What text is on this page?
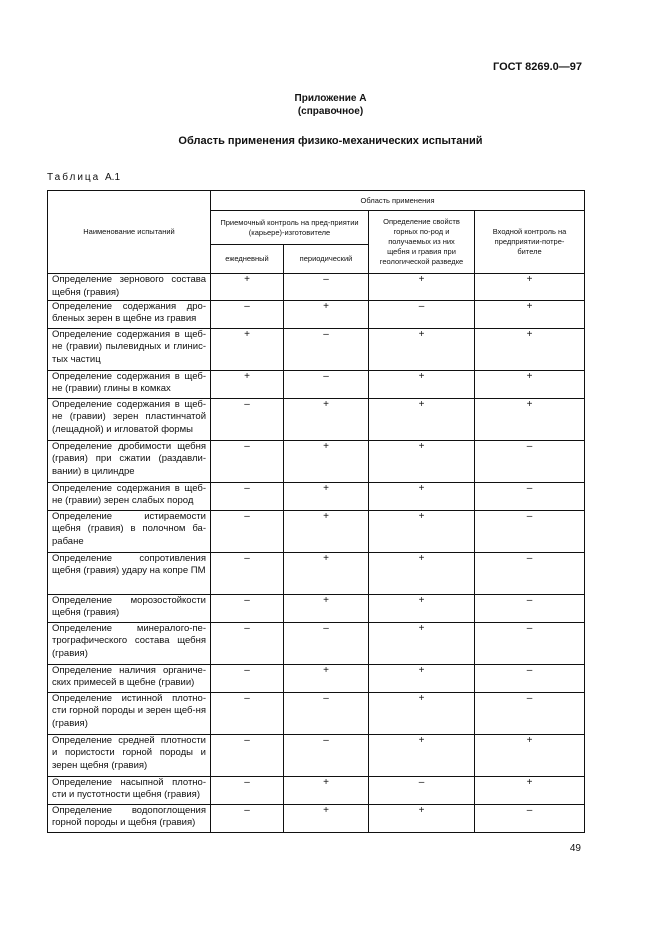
ГОСТ 8269.0—97
Приложение А
(справочное)
Область применения физико-механических испытаний
Таблица А.1
Наименование испытаний	Область применения			
	Приемочный контроль на пред-приятии (карьере)-изготовителе		Определение свойств горных по-род и получаемых из них щебня и гравия при геологической разведке	Входной контроль на предприятии-потре-бителе
	ежедневный	периодический		
Определение зернового состава щебня (гравия)	+	–	+	+
Определение содержания дро-бленых зерен в щебне из гравия	–	+	–	+
Определение содержания в щеб-не (гравии) пылевидных и глинис-тых частиц	+	–	+	+
Определение содержания в щеб-не (гравии) глины в комках	+	–	+	+
Определение содержания в щеб-не (гравии) зерен пластинчатой (лещадной) и игловатой формы	–	+	+	+
Определение дробимости щебня (гравия) при сжатии (раздавли-вании) в цилиндре	–	+	+	–
Определение содержания в щеб-не (гравии) зерен слабых пород	–	+	+	–
Определение истираемости щебня (гравия) в полочном ба-рабане	–	+	+	–
Определение сопротивления щебня (гравия) удару на копре ПМ	–	+	+	–
Определение морозостойкости щебня (гравия)	–	+	+	–
Определение минералого-пе-трографического состава щебня (гравия)	–	–	+	–
Определение наличия органиче-ских примесей в щебне (гравии)	–	+	+	–
Определение истинной плотно-сти горной породы и зерен щеб-ня (гравия)	–	–	+	–
Определение средней плотности и пористости горной породы и зерен щебня (гравия)	–	–	+	+
Определение насыпной плотно-сти и пустотности щебня (гравия)	–	+	–	+
Определение водопоглощения горной породы и щебня (гравия)	–	+	+	–
49
